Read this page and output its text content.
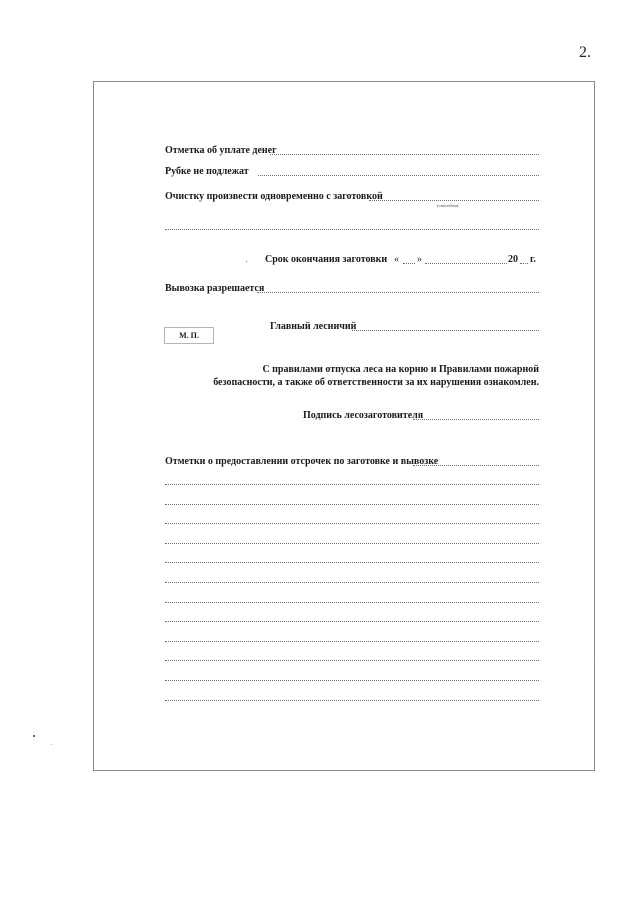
2.
Отметка об уплате денег
Рубке не подлежат
Очистку произвести одновременно с заготовкой
(способом)
Срок окончания заготовки « »	20 г.
Вывозка разрешается
М. П.
Главный лесничий
С правилами отпуска леса на корню и Правилами пожарной
безопасности, а также об ответственности за их нарушения ознакомлен.
Подпись лесозаготовителя
Отметки о предоставлении отсрочек по заготовке и вывозке
